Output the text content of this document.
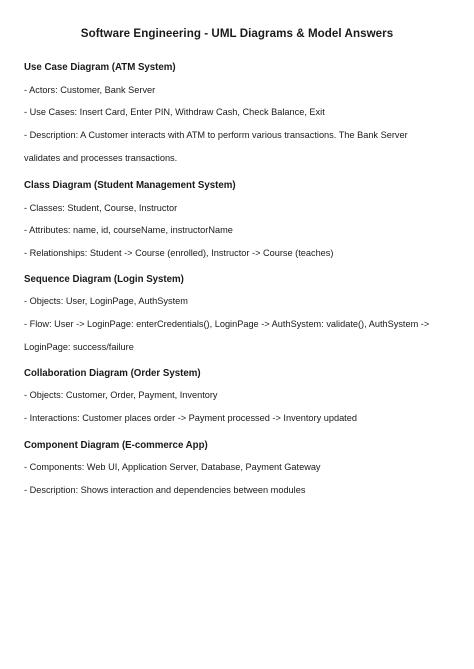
Software Engineering - UML Diagrams & Model Answers
Use Case Diagram (ATM System)
- Actors: Customer, Bank Server
- Use Cases: Insert Card, Enter PIN, Withdraw Cash, Check Balance, Exit
- Description: A Customer interacts with ATM to perform various transactions. The Bank Server
validates and processes transactions.
Class Diagram (Student Management System)
- Classes: Student, Course, Instructor
- Attributes: name, id, courseName, instructorName
- Relationships: Student -> Course (enrolled), Instructor -> Course (teaches)
Sequence Diagram (Login System)
- Objects: User, LoginPage, AuthSystem
- Flow: User -> LoginPage: enterCredentials(), LoginPage -> AuthSystem: validate(), AuthSystem ->
LoginPage: success/failure
Collaboration Diagram (Order System)
- Objects: Customer, Order, Payment, Inventory
- Interactions: Customer places order -> Payment processed -> Inventory updated
Component Diagram (E-commerce App)
- Components: Web UI, Application Server, Database, Payment Gateway
- Description: Shows interaction and dependencies between modules
